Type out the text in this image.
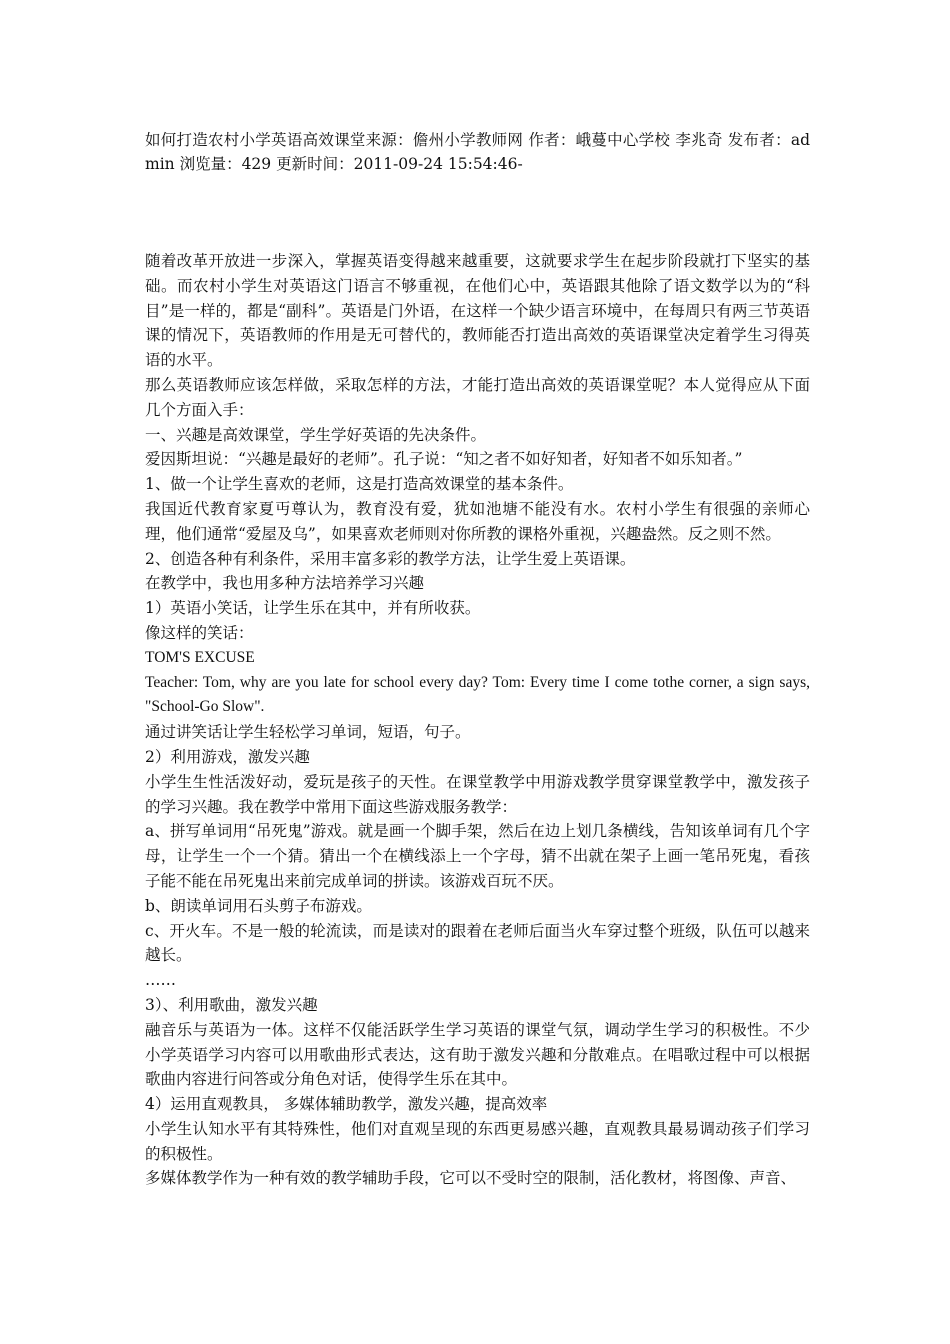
如何打造农村小学英语高效课堂来源：儋州小学教师网 作者：峨蔓中心学校 李兆奇 发布者：admin 浏览量：429 更新时间：2011-09-24 15:54:46-

随着改革开放进一步深入，掌握英语变得越来越重要，这就要求学生在起步阶段就打下坚实的基础。而农村小学生对英语这门语言不够重视，在他们心中，英语跟其他除了语文数学以为的“科目”是一样的，都是“副科”。英语是门外语，在这样一个缺少语言环境中，在每周只有两三节英语课的情况下，英语教师的作用是无可替代的，教师能否打造出高效的英语课堂决定着学生习得英语的水平。

那么英语教师应该怎样做，采取怎样的方法，才能打造出高效的英语课堂呢？本人觉得应从下面几个方面入手：

一、兴趣是高效课堂，学生学好英语的先决条件。

爱因斯坦说：“兴趣是最好的老师”。孔子说：“知之者不如好知者，好知者不如乐知者。”

1、做一个让学生喜欢的老师，这是打造高效课堂的基本条件。

我国近代教育家夏丏尊认为，教育没有爱，犹如池塘不能没有水。农村小学生有很强的亲师心理，他们通常“爱屋及乌”，如果喜欢老师则对你所教的课格外重视，兴趣盎然。反之则不然。

2、创造各种有利条件，采用丰富多彩的教学方法，让学生爱上英语课。

在教学中，我也用多种方法培养学习兴趣

1）英语小笑话，让学生乐在其中，并有所收获。

像这样的笑话：

TOM'S EXCUSE

Teacher: Tom, why are you late for school every day? Tom: Every time I come tothe corner, a sign says, "School-Go Slow".

通过讲笑话让学生轻松学习单词，短语，句子。

2）利用游戏，激发兴趣

小学生生性活泼好动，爱玩是孩子的天性。在课堂教学中用游戏教学贯穿课堂教学中，激发孩子的学习兴趣。我在教学中常用下面这些游戏服务教学：

a、拼写单词用“吊死鬼”游戏。就是画一个脚手架，然后在边上划几条横线，告知该单词有几个字母，让学生一个一个猜。猜出一个在横线添上一个字母，猜不出就在架子上画一笔吊死鬼，看孩子能不能在吊死鬼出来前完成单词的拼读。该游戏百玩不厌。

b、朗读单词用石头剪子布游戏。

c、开火车。不是一般的轮流读，而是读对的跟着在老师后面当火车穿过整个班级，队伍可以越来越长。

……

3）、利用歌曲，激发兴趣

融音乐与英语为一体。这样不仅能活跃学生学习英语的课堂气氛，调动学生学习的积极性。不少小学英语学习内容可以用歌曲形式表达，这有助于激发兴趣和分散难点。在唱歌过程中可以根据歌曲内容进行问答或分角色对话，使得学生乐在其中。

4）运用直观教具， 多媒体辅助教学，激发兴趣，提高效率

小学生认知水平有其特殊性，他们对直观呈现的东西更易感兴趣，直观教具最易调动孩子们学习的积极性。

多媒体教学作为一种有效的教学辅助手段，它可以不受时空的限制，活化教材，将图像、声音、
